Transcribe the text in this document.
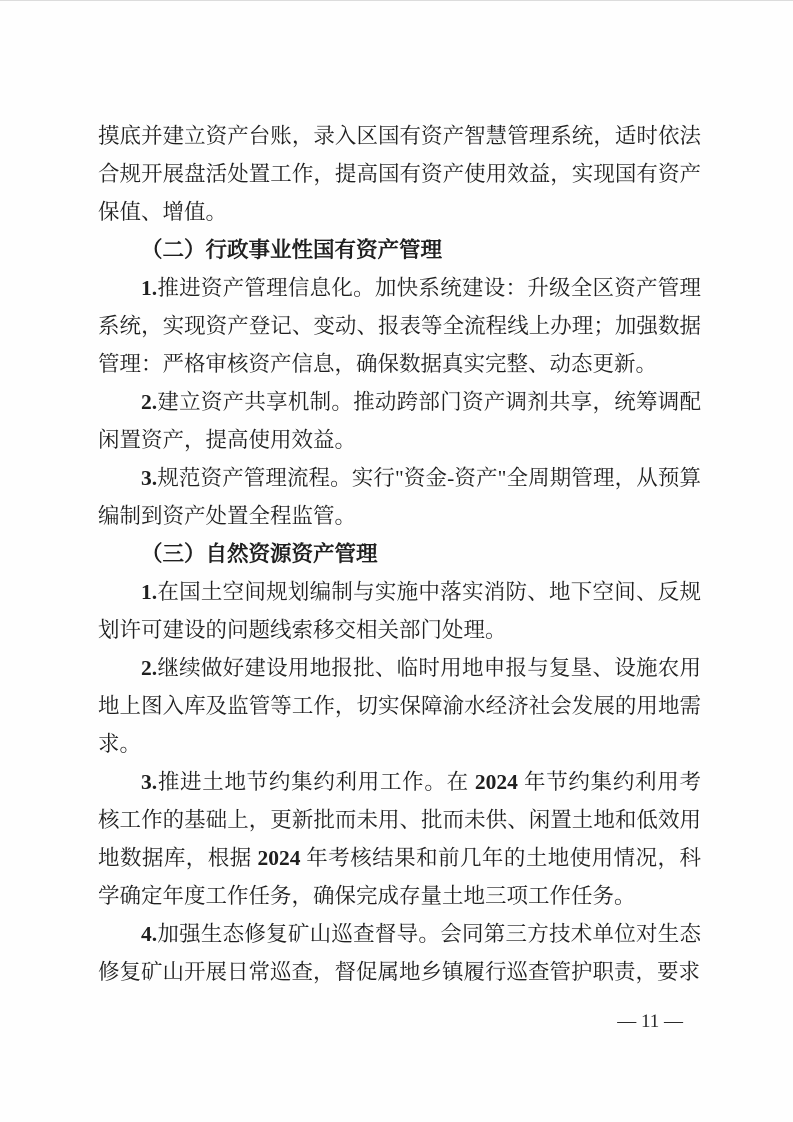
摸底并建立资产台账，录入区国有资产智慧管理系统，适时依法合规开展盘活处置工作，提高国有资产使用效益，实现国有资产保值、增值。

（二）行政事业性国有资产管理

1.推进资产管理信息化。加快系统建设：升级全区资产管理系统，实现资产登记、变动、报表等全流程线上办理；加强数据管理：严格审核资产信息，确保数据真实完整、动态更新。

2.建立资产共享机制。推动跨部门资产调剂共享，统筹调配闲置资产，提高使用效益。

3.规范资产管理流程。实行"资金-资产"全周期管理，从预算编制到资产处置全程监管。

（三）自然资源资产管理

1.在国土空间规划编制与实施中落实消防、地下空间、反规划许可建设的问题线索移交相关部门处理。

2.继续做好建设用地报批、临时用地申报与复垦、设施农用地上图入库及监管等工作，切实保障渝水经济社会发展的用地需求。

3.推进土地节约集约利用工作。在 2024 年节约集约利用考核工作的基础上，更新批而未用、批而未供、闲置土地和低效用地数据库，根据 2024 年考核结果和前几年的土地使用情况，科学确定年度工作任务，确保完成存量土地三项工作任务。

4.加强生态修复矿山巡查督导。会同第三方技术单位对生态修复矿山开展日常巡查，督促属地乡镇履行巡查管护职责，要求

— 11 —
